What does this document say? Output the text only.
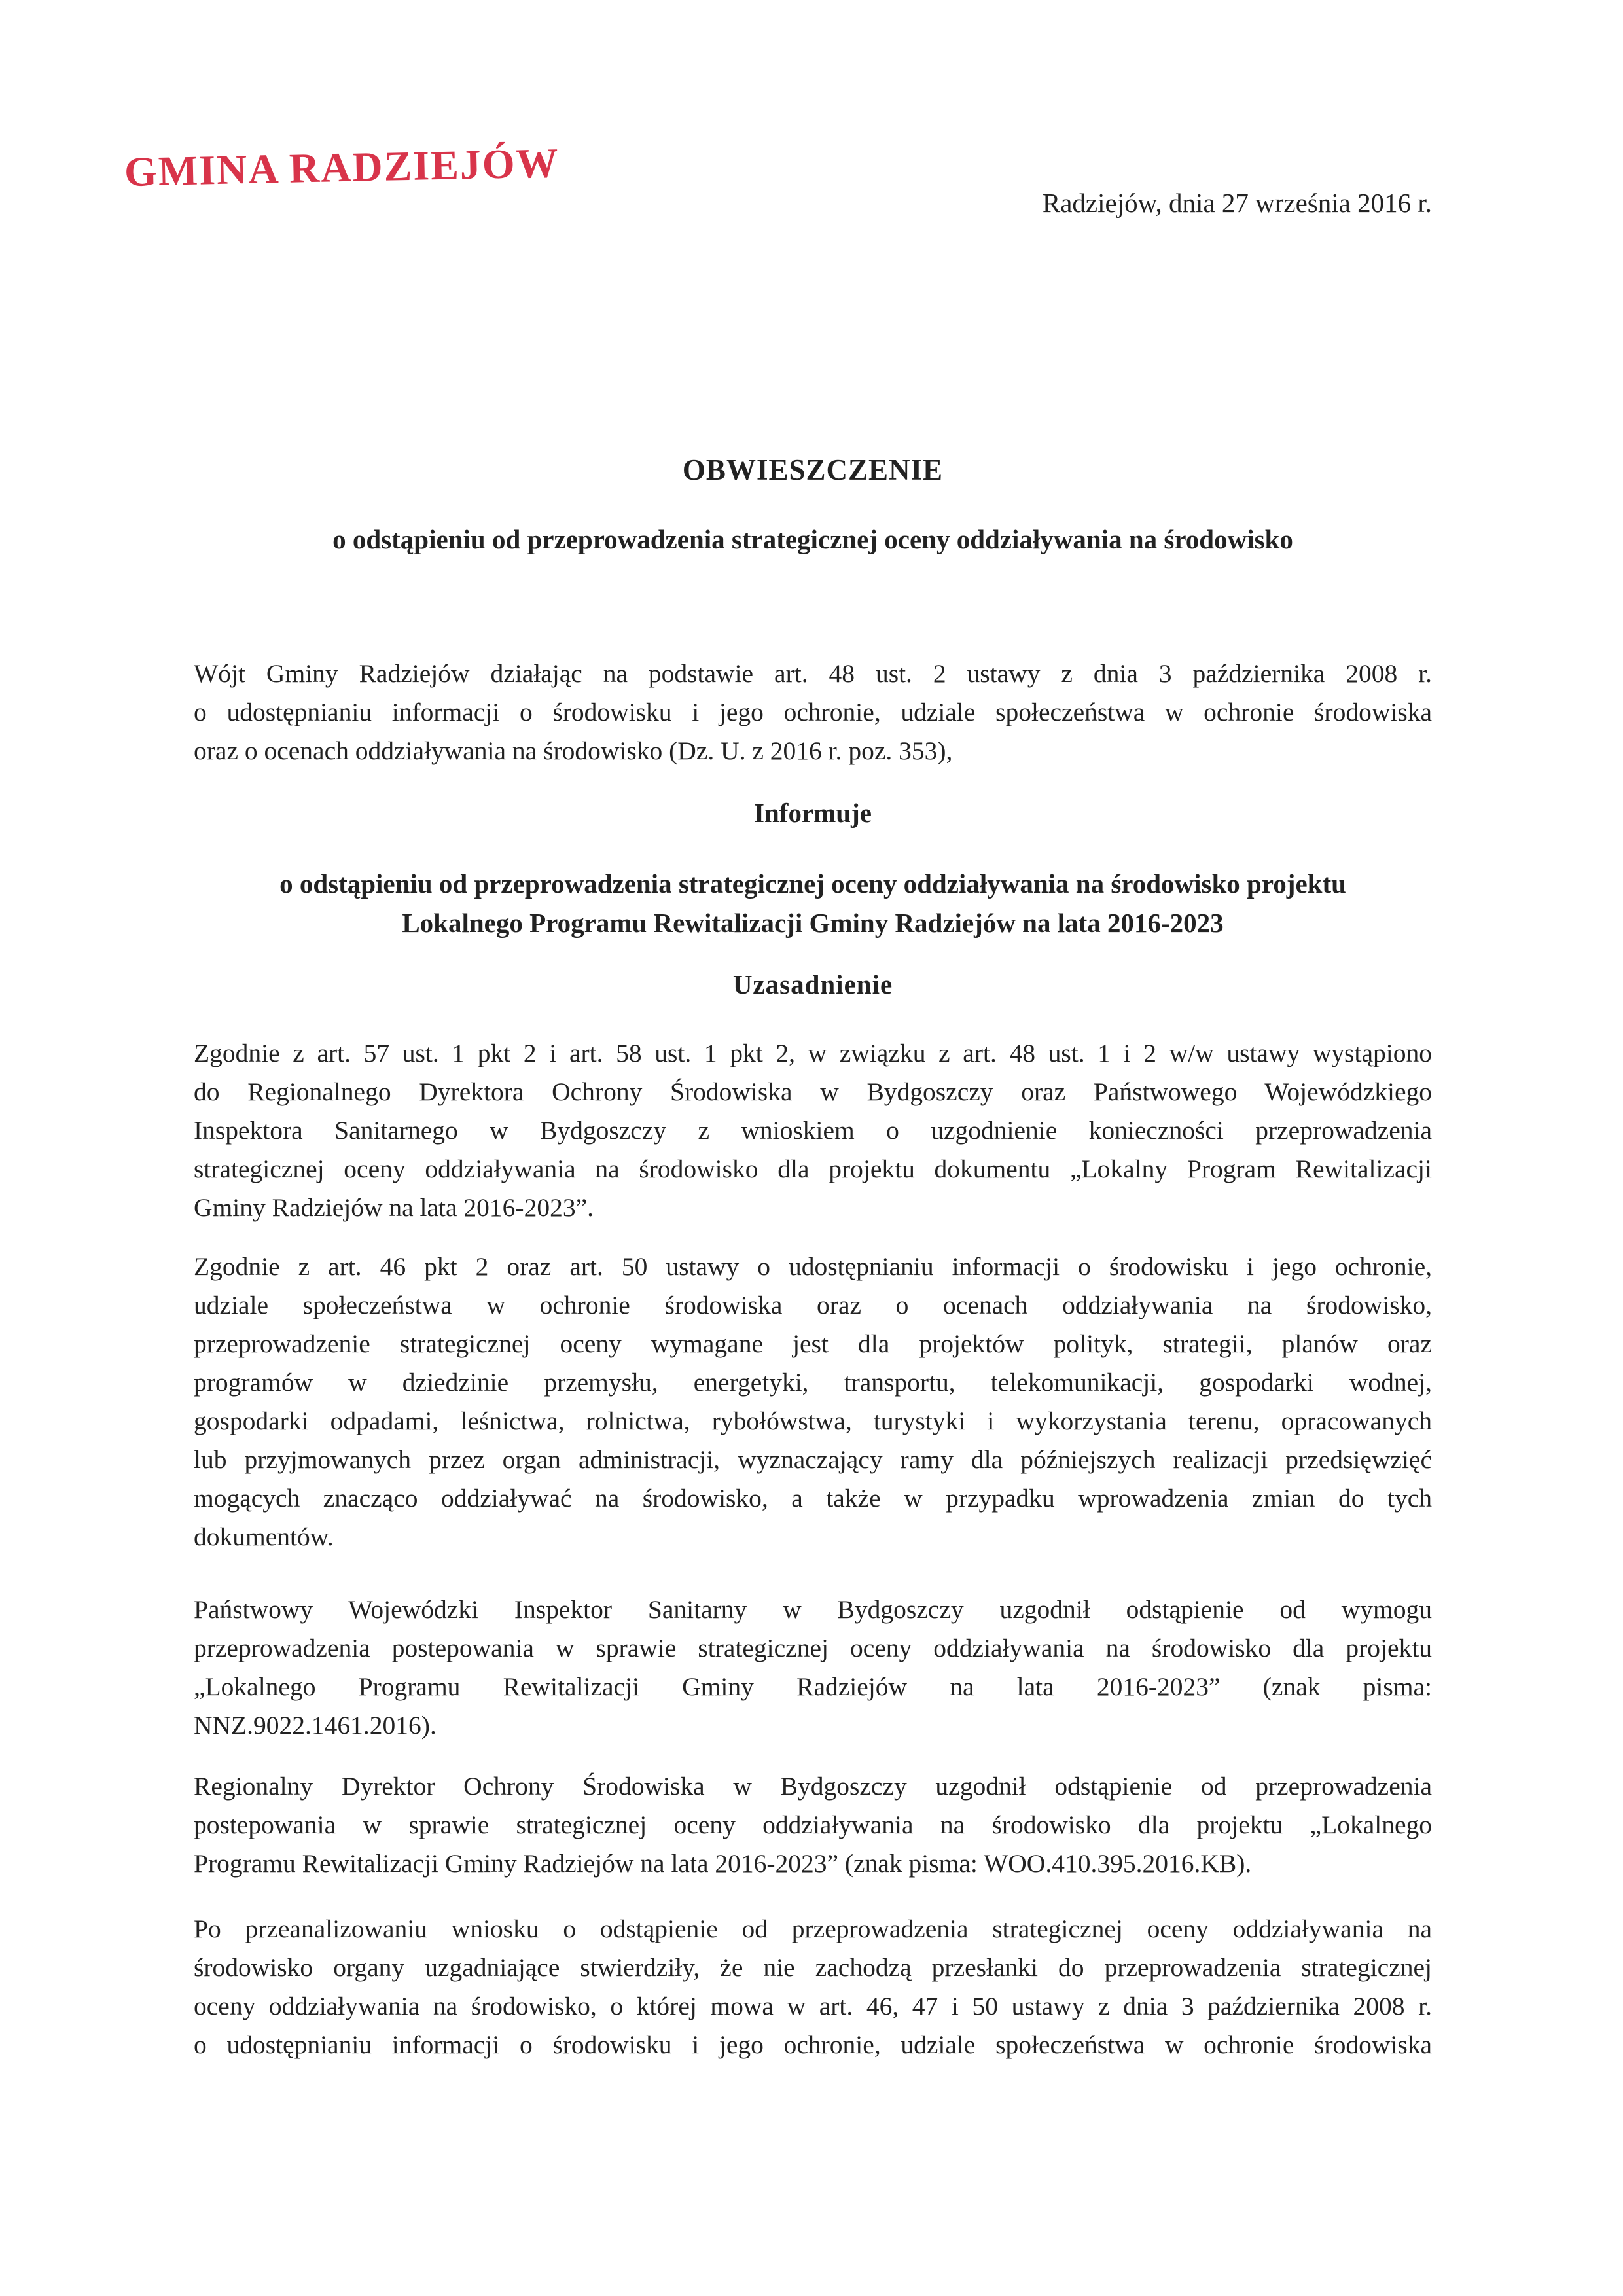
GMINA RADZIEJÓW
Radziejów, dnia 27 września 2016 r.
OBWIESZCZENIE
o odstąpieniu od przeprowadzenia strategicznej oceny oddziaływania na środowisko
Wójt Gminy Radziejów działając na podstawie art. 48 ust. 2 ustawy z dnia 3 października 2008 r.
o udostępnianiu informacji o środowisku i jego ochronie, udziale społeczeństwa w ochronie środowiska
oraz o ocenach oddziaływania na środowisko (Dz. U. z 2016 r. poz. 353),
Informuje
o odstąpieniu od przeprowadzenia strategicznej oceny oddziaływania na środowisko projektu
Lokalnego Programu Rewitalizacji Gminy Radziejów na lata 2016-2023
Uzasadnienie
Zgodnie z art. 57 ust. 1 pkt 2 i art. 58 ust. 1 pkt 2, w związku z art. 48 ust. 1 i 2 w/w ustawy wystąpiono
do Regionalnego Dyrektora Ochrony Środowiska w Bydgoszczy oraz Państwowego Wojewódzkiego
Inspektora Sanitarnego w Bydgoszczy z wnioskiem o uzgodnienie konieczności przeprowadzenia
strategicznej oceny oddziaływania na środowisko dla projektu dokumentu „Lokalny Program Rewitalizacji
Gminy Radziejów na lata 2016-2023”.
Zgodnie z art. 46 pkt 2 oraz art. 50 ustawy o udostępnianiu informacji o środowisku i jego ochronie,
udziale społeczeństwa w ochronie środowiska oraz o ocenach oddziaływania na środowisko,
przeprowadzenie strategicznej oceny wymagane jest dla projektów polityk, strategii, planów oraz
programów w dziedzinie przemysłu, energetyki, transportu, telekomunikacji, gospodarki wodnej,
gospodarki odpadami, leśnictwa, rolnictwa, rybołówstwa, turystyki i wykorzystania terenu, opracowanych
lub przyjmowanych przez organ administracji, wyznaczający ramy dla późniejszych realizacji przedsięwzięć
mogących znacząco oddziaływać na środowisko, a także w przypadku wprowadzenia zmian do tych
dokumentów.
Państwowy Wojewódzki Inspektor Sanitarny w Bydgoszczy uzgodnił odstąpienie od wymogu
przeprowadzenia postepowania w sprawie strategicznej oceny oddziaływania na środowisko dla projektu
„Lokalnego Programu Rewitalizacji Gminy Radziejów na lata 2016-2023” (znak pisma:
NNZ.9022.1461.2016).
Regionalny Dyrektor Ochrony Środowiska w Bydgoszczy uzgodnił odstąpienie od przeprowadzenia
postepowania w sprawie strategicznej oceny oddziaływania na środowisko dla projektu „Lokalnego
Programu Rewitalizacji Gminy Radziejów na lata 2016-2023” (znak pisma: WOO.410.395.2016.KB).
Po przeanalizowaniu wniosku o odstąpienie od przeprowadzenia strategicznej oceny oddziaływania na
środowisko organy uzgadniające stwierdziły, że nie zachodzą przesłanki do przeprowadzenia strategicznej
oceny oddziaływania na środowisko, o której mowa w art. 46, 47 i 50 ustawy z dnia 3 października 2008 r.
o udostępnianiu informacji o środowisku i jego ochronie, udziale społeczeństwa w ochronie środowiska
